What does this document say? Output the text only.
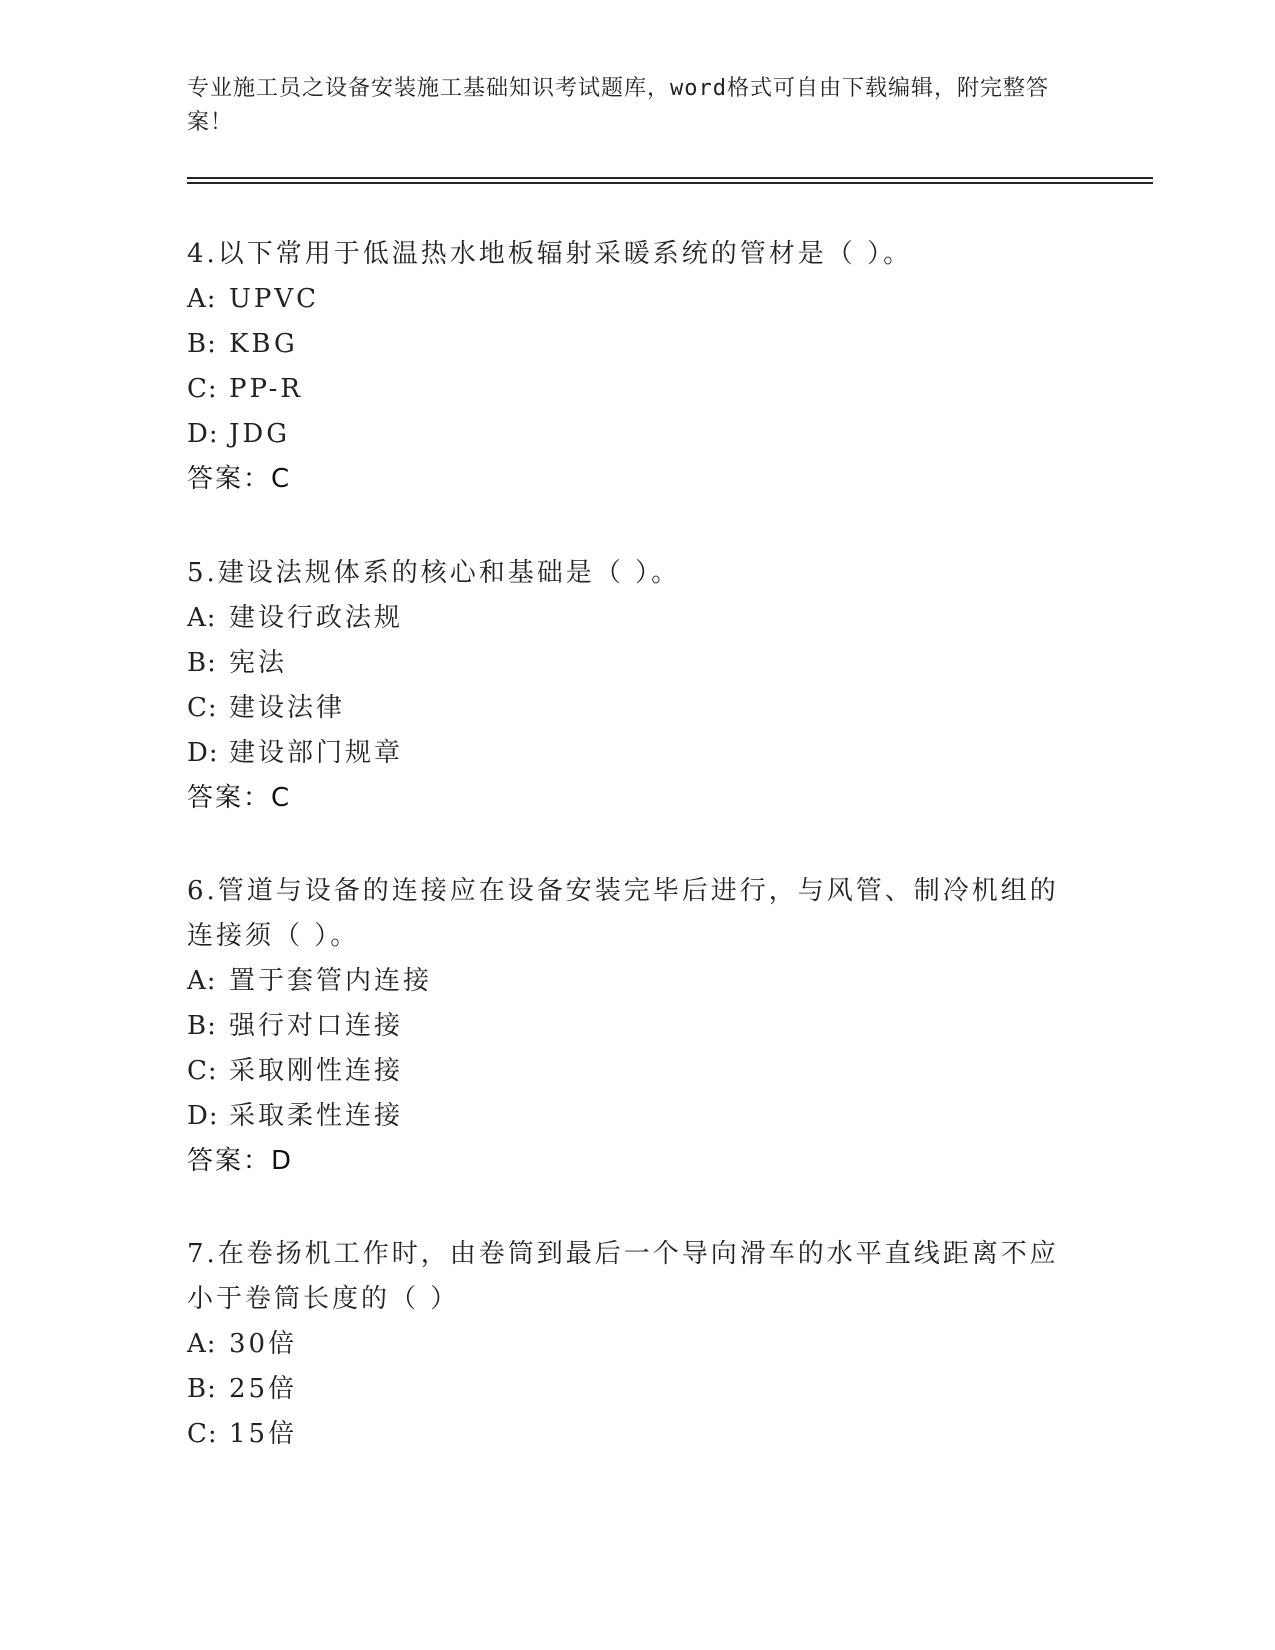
专业施工员之设备安装施工基础知识考试题库，word格式可自由下载编辑，附完整答案！

4.以下常用于低温热水地板辐射采暖系统的管材是（ ）。

A: UPVC

B: KBG

C: PP-R

D: JDG

答案：C

5.建设法规体系的核心和基础是（ ）。

A: 建设行政法规

B: 宪法

C: 建设法律

D: 建设部门规章

答案：C

6.管道与设备的连接应在设备安装完毕后进行，与风管、制冷机组的连接须（ ）。

A: 置于套管内连接

B: 强行对口连接

C: 采取刚性连接

D: 采取柔性连接

答案：D

7.在卷扬机工作时，由卷筒到最后一个导向滑车的水平直线距离不应小于卷筒长度的（ ）

A: 30倍

B: 25倍

C: 15倍
